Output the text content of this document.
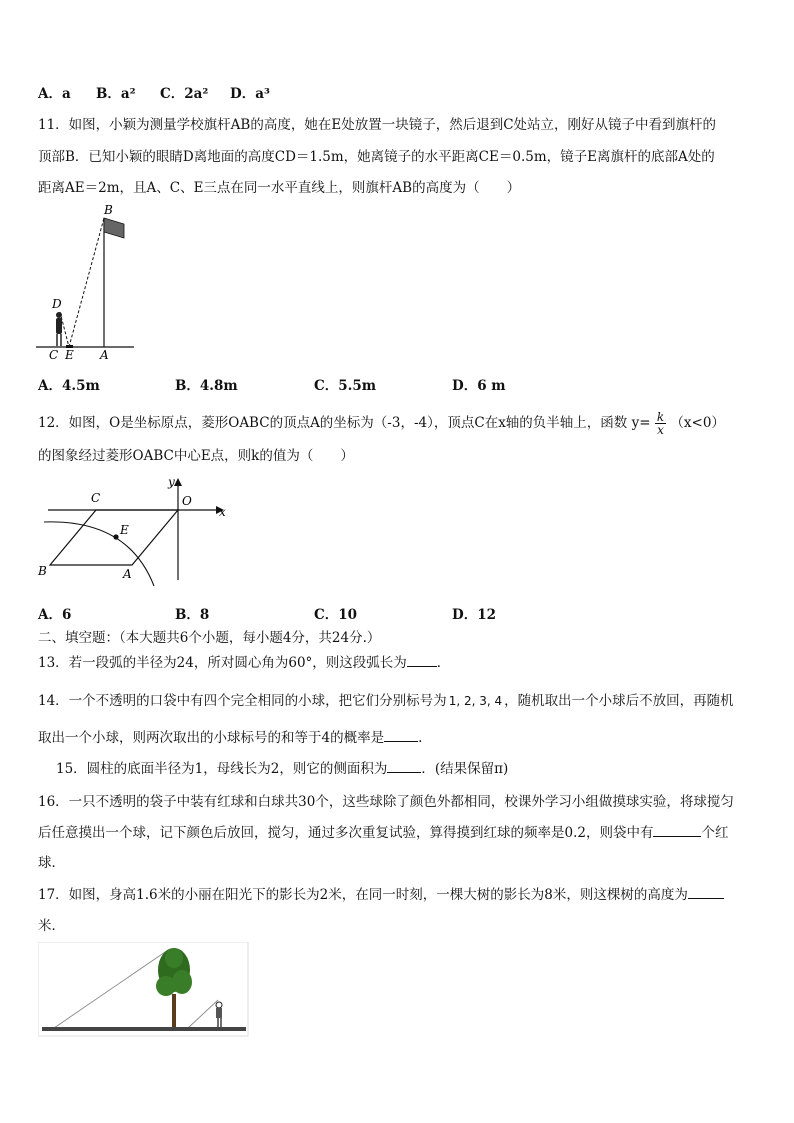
A．a B．a² C．2a² D．a³
11．如图，小颖为测量学校旗杆AB的高度，她在E处放置一块镜子，然后退到C处站立，刚好从镜子中看到旗杆的
顶部B．已知小颖的眼睛D离地面的高度CD＝1.5m，她离镜子的水平距离CE＝0.5m，镜子E离旗杆的底部A处的
距离AE＝2m，且A、C、E三点在同一水平直线上，则旗杆AB的高度为（　　）
B
D
C E A
A．4.5m	B．4.8m	C．5.5m	D．6 m
12．如图，O是坐标原点，菱形OABC的顶点A的坐标为（-3，-4），顶点C在x轴的负半轴上，函数 $y= \frac{k}{x} (x<0)$
的图象经过菱形OABC中心E点，则k的值为（　　）
C
y
O
x
E
B	A
A．6	B．8	C．10	D．12
二、填空题：（本大题共6个小题，每小题4分，共24分.）
13．若一段弧的半径为24，所对圆心角为60°，则这段弧长为 ．
14．一个不透明的口袋中有四个完全相同的小球，把它们分别标号为 1, 2, 3, 4 ，随机取出一个小球后不放回，再随机
取出一个小球，则两次取出的小球标号的和等于4的概率是	.
15．圆柱的底面半径为1，母线长为2，则它的侧面积为	．(结果保留π)
16．一只不透明的袋子中装有红球和白球共30个，这些球除了颜色外都相同，校课外学习小组做摸球实验，将球搅匀
后任意摸出一个球，记下颜色后放回，搅匀，通过多次重复试验，算得摸到红球的频率是0.2，则袋中有	个红
球．
17．如图，身高1.6米的小丽在阳光下的影长为2米，在同一时刻，一棵大树的影长为8米，则这棵树的高度为
米．
